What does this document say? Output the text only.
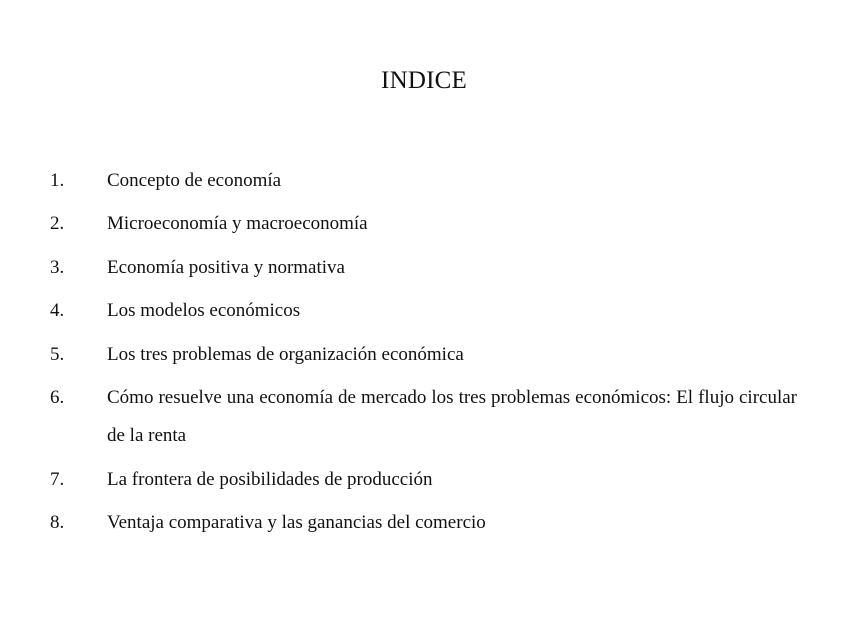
INDICE
1. Concepto de economía
2. Microeconomía y macroeconomía
3. Economía positiva y normativa
4. Los modelos económicos
5. Los tres problemas de organización económica
6. Cómo resuelve una economía de mercado los tres problemas económicos: El flujo circular de la renta
7. La frontera de posibilidades de producción
8. Ventaja comparativa y las ganancias del comercio
